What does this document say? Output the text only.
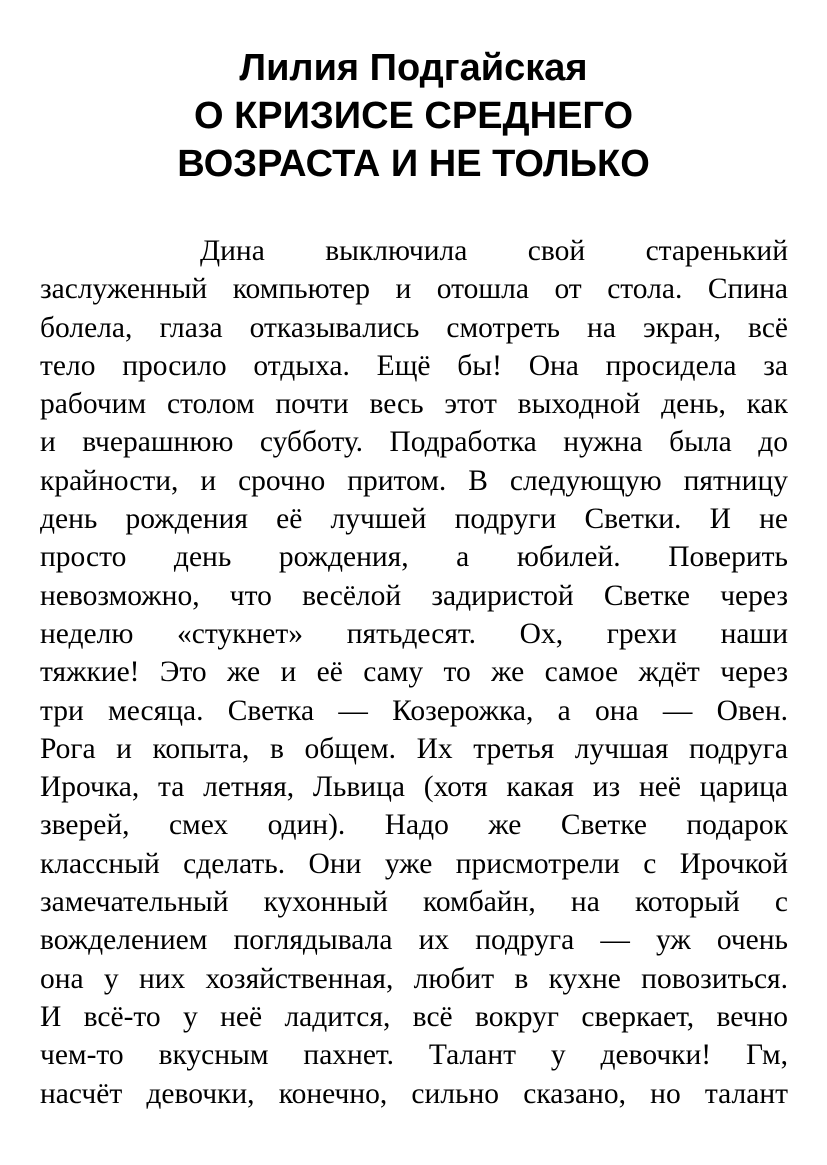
Лилия Подгайская
О КРИЗИСЕ СРЕДНЕГО
ВОЗРАСТА И НЕ ТОЛЬКО
Дина выключила свой старенький
заслуженный компьютер и отошла от стола. Спина
болела, глаза отказывались смотреть на экран, всё
тело просило отдыха. Ещё бы! Она просидела за
рабочим столом почти весь этот выходной день, как
и вчерашнюю субботу. Подработка нужна была до
крайности, и срочно притом. В следующую пятницу
день рождения её лучшей подруги Светки. И не
просто день рождения, а юбилей. Поверить
невозможно, что весёлой задиристой Светке через
неделю «стукнет» пятьдесят. Ох, грехи наши
тяжкие! Это же и её саму то же самое ждёт через
три месяца. Светка — Козерожка, а она — Овен.
Рога и копыта, в общем. Их третья лучшая подруга
Ирочка, та летняя, Львица (хотя какая из неё царица
зверей, смех один). Надо же Светке подарок
классный сделать. Они уже присмотрели с Ирочкой
замечательный кухонный комбайн, на который с
вожделением поглядывала их подруга — уж очень
она у них хозяйственная, любит в кухне повозиться.
И всё-то у неё ладится, всё вокруг сверкает, вечно
чем-то вкусным пахнет. Талант у девочки! Гм,
насчёт девочки, конечно, сильно сказано, но талант
